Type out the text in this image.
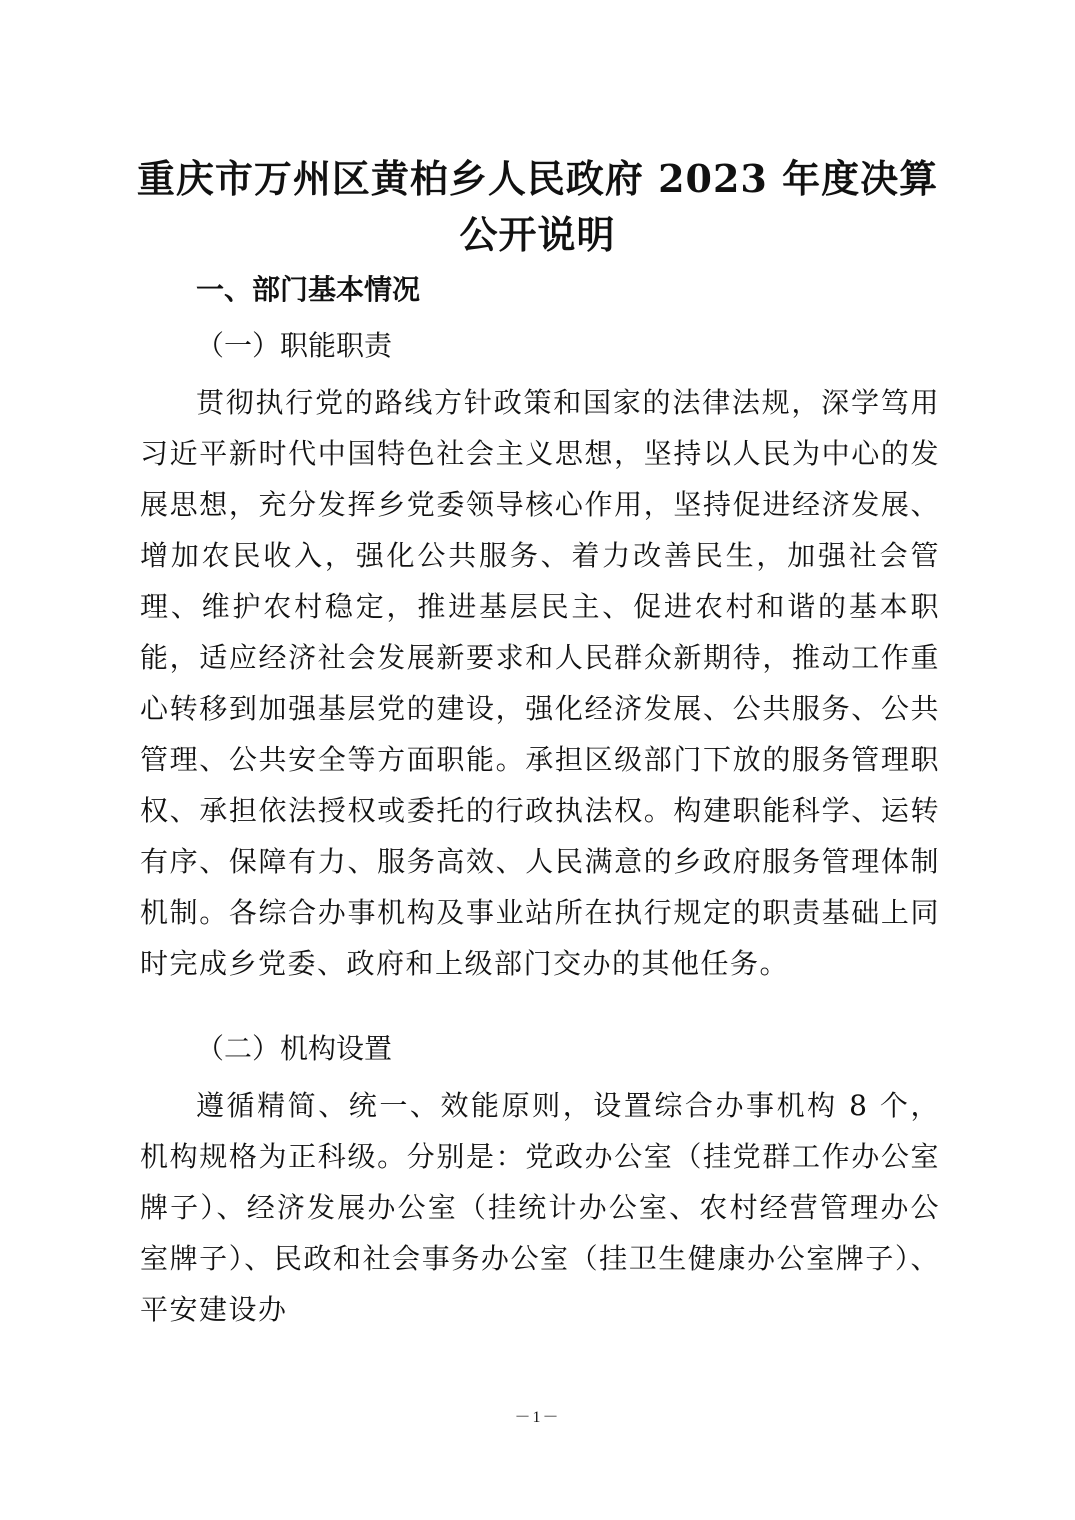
重庆市万州区黄柏乡人民政府 2023 年度决算
公开说明
一、部门基本情况
（一）职能职责

贯彻执行党的路线方针政策和国家的法律法规，深学笃用习近平新时代中国特色社会主义思想，坚持以人民为中心的发展思想，充分发挥乡党委领导核心作用，坚持促进经济发展、增加农民收入，强化公共服务、着力改善民生，加强社会管理、维护农村稳定，推进基层民主、促进农村和谐的基本职能，适应经济社会发展新要求和人民群众新期待，推动工作重心转移到加强基层党的建设，强化经济发展、公共服务、公共管理、公共安全等方面职能。承担区级部门下放的服务管理职权、承担依法授权或委托的行政执法权。构建职能科学、运转有序、保障有力、服务高效、人民满意的乡政府服务管理体制机制。各综合办事机构及事业站所在执行规定的职责基础上同时完成乡党委、政府和上级部门交办的其他任务。

（二）机构设置

遵循精简、统一、效能原则，设置综合办事机构 8 个，机构规格为正科级。分别是：党政办公室（挂党群工作办公室牌子）、经济发展办公室（挂统计办公室、农村经营管理办公室牌子）、民政和社会事务办公室（挂卫生健康办公室牌子）、平安建设办

－1－
